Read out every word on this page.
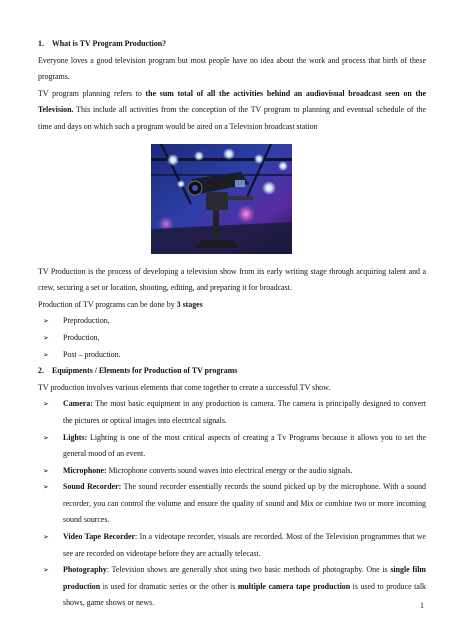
1. What is TV Program Production?

Everyone loves a good television program but most people have no idea about the work and process that birth of these programs.

TV program planning refers to the sum total of all the activities behind an audiovisual broadcast seen on the Television. This include all activities from the conception of the TV program to planning and eventual schedule of the time and days on which such a program would be aired on a Television broadcast station

TV Production is the process of developing a television show from its early writing stage through acquiring talent and a crew, securing a set or location, shooting, editing, and preparing it for broadcast.

Production of TV programs can be done by 3 stages

➢ Preproduction,
➢ Production,
➢ Post – production.

2. Equipments / Elements for Production of TV programs

TV production involves various elements that come together to create a successful TV show.

➢ Camera: The most basic equipment in any production is camera. The camera is principally designed to convert the pictures or optical images into electrical signals.
➢ Lights: Lighting is one of the most critical aspects of creating a Tv Programs because it allows you to set the general mood of an event.
➢ Microphone: Microphone converts sound waves into electrical energy or the audio signals.
➢ Sound Recorder: The sound recorder essentially records the sound picked up by the microphone. With a sound recorder, you can control the volume and ensure the quality of sound and Mix or combine two or more incoming sound sources.
➢ Video Tape Recorder: In a videotape recorder, visuals are recorded. Most of the Television programmes that we see are recorded on videotape before they are actually telecast.
➢ Photography: Television shows are generally shot using two basic methods of photography. One is single film production is used for dramatic series or the other is multiple camera tape production is used to produce talk shows, game shows or news.	1
